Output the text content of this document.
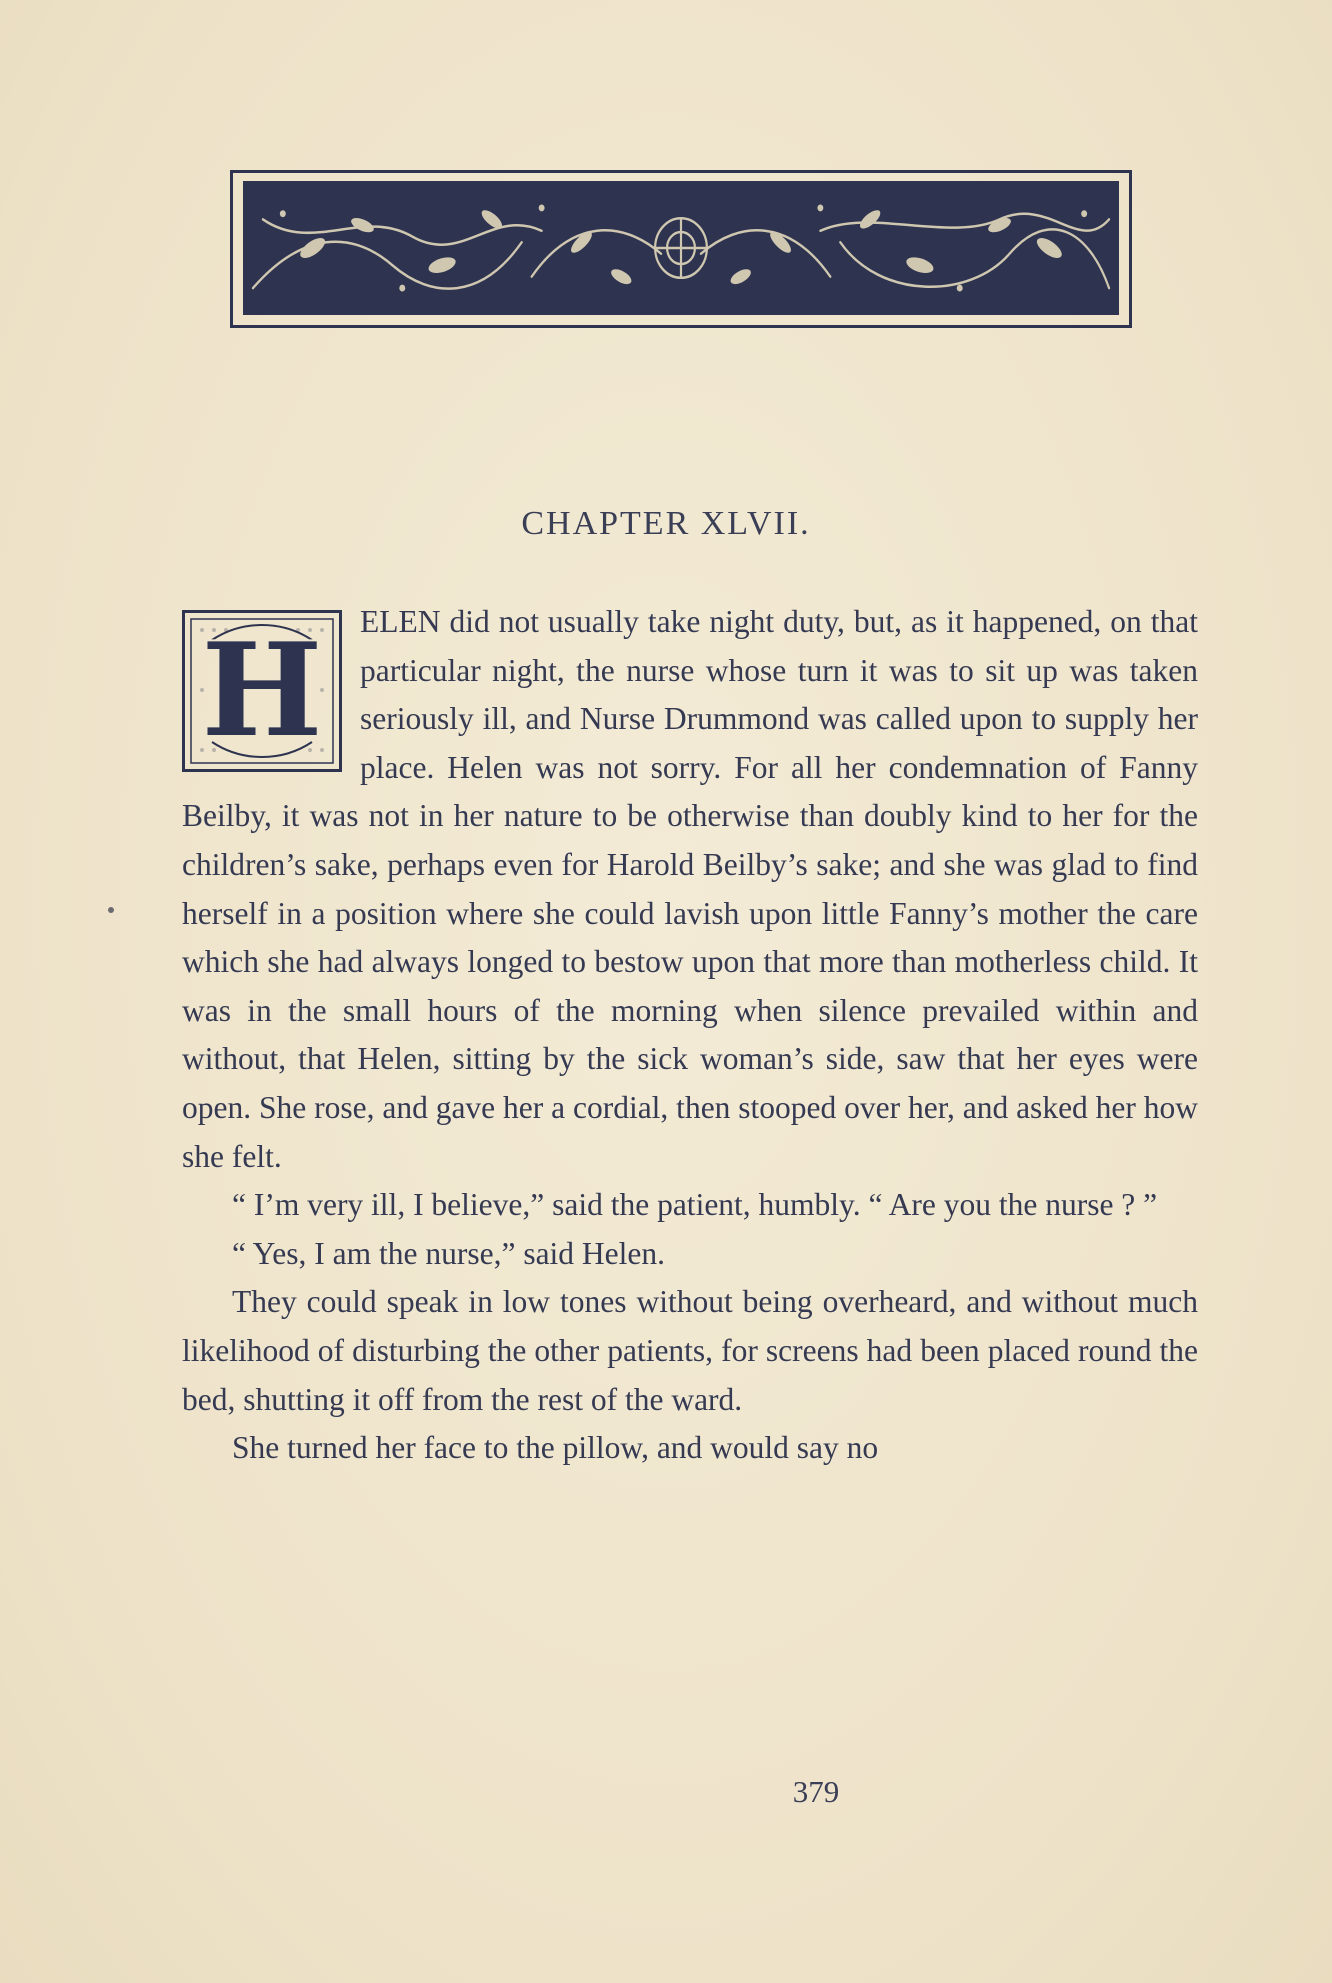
CHAPTER XLVII.

H	ELEN did not usually take night duty, but, as it happened, on that particular night, the nurse whose turn it was to sit up was taken seriously ill, and Nurse Drummond was called upon to supply her place. Helen was not sorry. For all her condemnation of Fanny Beilby, it was not in her nature to be otherwise than doubly kind to her for the children’s sake, perhaps even for Harold Beilby’s sake; and she was glad to find herself in a position where she could lavish upon little Fanny’s mother the care which she had always longed to bestow upon that more than motherless child. It was in the small hours of the morning when silence prevailed within and without, that Helen, sitting by the sick woman’s side, saw that her eyes were open. She rose, and gave her a cordial, then stooped over her, and asked her how she felt.

“ I’m very ill, I believe,” said the patient, humbly. “ Are you the nurse ? ”

“ Yes, I am the nurse,” said Helen.

They could speak in low tones without being overheard, and without much likelihood of disturbing the other patients, for screens had been placed round the bed, shutting it off from the rest of the ward.

She turned her face to the pillow, and would say no

379
